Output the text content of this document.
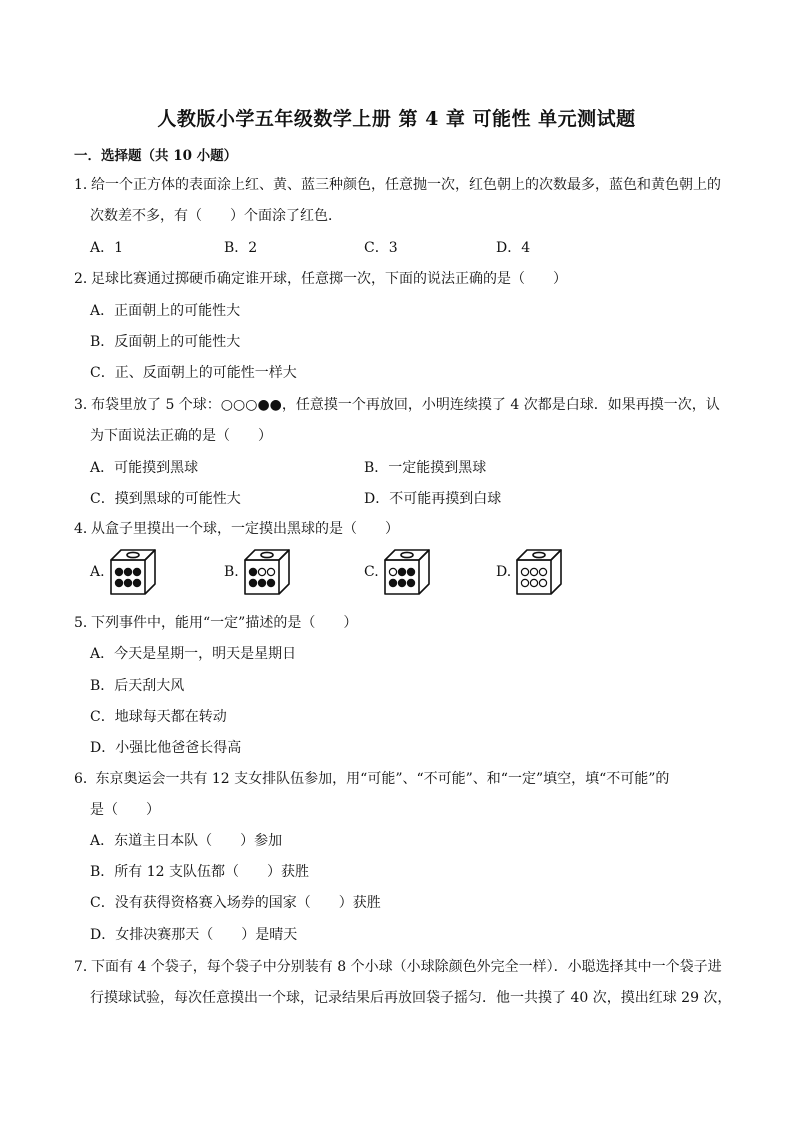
人教版小学五年级数学上册 第 4 章 可能性 单元测试题
一．选择题（共 10 小题）
1．给一个正方体的表面涂上红、黄、蓝三种颜色，任意抛一次，红色朝上的次数最多，蓝色和黄色朝上的
次数差不多，有（　　）个面涂了红色．
A．1	B．2	C．3	D．4
2．足球比赛通过掷硬币确定谁开球，任意掷一次，下面的说法正确的是（　　）
A．正面朝上的可能性大
B．反面朝上的可能性大
C．正、反面朝上的可能性一样大
3．布袋里放了 5 个球：○○○●●，任意摸一个再放回，小明连续摸了 4 次都是白球．如果再摸一次，认
为下面说法正确的是（　　）
A．可能摸到黑球	B．一定能摸到黑球
C．摸到黑球的可能性大	D．不可能再摸到白球
4．从盒子里摸出一个球，一定摸出黑球的是（　　）
A.	B.	C.	D.
5．下列事件中，能用“一定”描述的是（　　）
A．今天是星期一，明天是星期日
B．后天刮大风
C．地球每天都在转动
D．小强比他爸爸长得高
6． 东京奥运会一共有 12 支女排队伍参加，用“可能”、“不可能”、和“一定”填空，填“不可能”的
是（　　）
A．东道主日本队（　　）参加
B．所有 12 支队伍都（　　）获胜
C．没有获得资格赛入场券的国家（　　）获胜
D．女排决赛那天（　　）是晴天
7．下面有 4 个袋子，每个袋子中分别装有 8 个小球（小球除颜色外完全一样）．小聪选择其中一个袋子进
行摸球试验，每次任意摸出一个球，记录结果后再放回袋子摇匀．他一共摸了 40 次，摸出红球 29 次，
